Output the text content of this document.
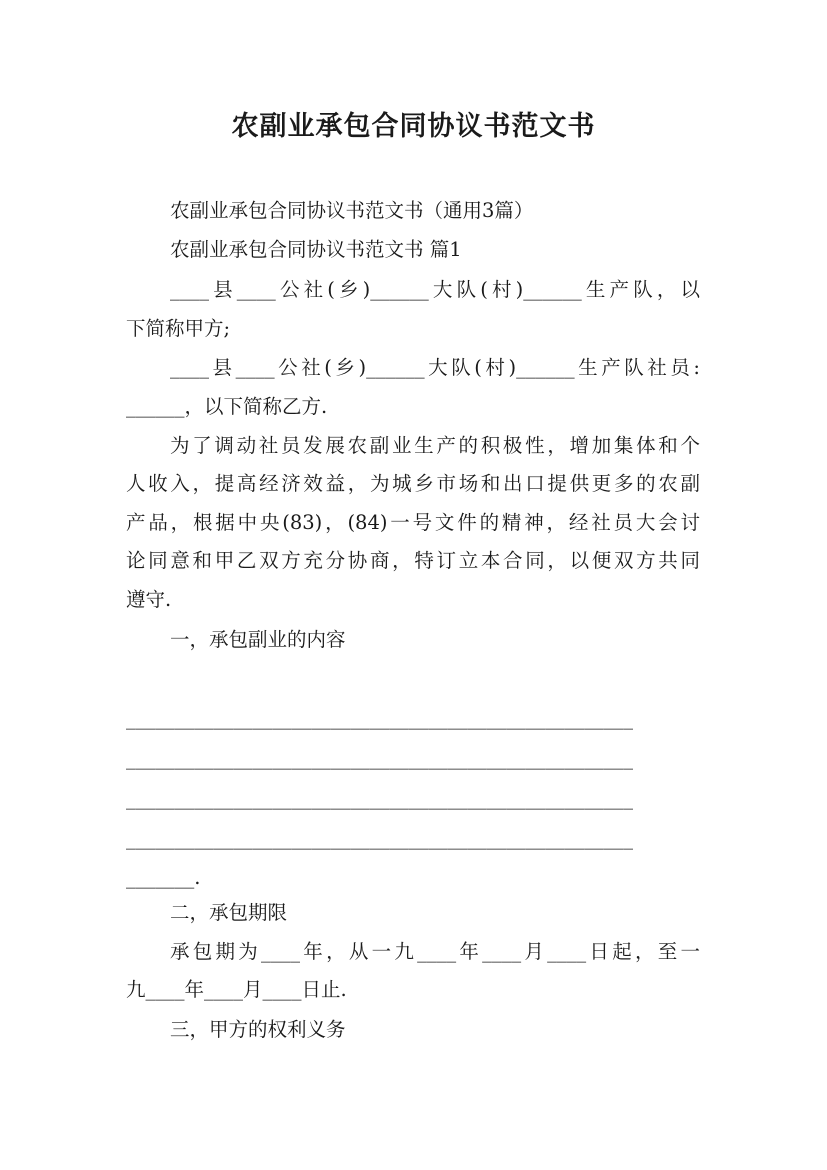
农副业承包合同协议书范文书
农副业承包合同协议书范文书（通用3篇）
农副业承包合同协议书范文书 篇1
____县____公社(乡)______大队(村)______生产队，以
下简称甲方;
____县____公社(乡)______大队(村)______生产队社员:
______，以下简称乙方.
为了调动社员发展农副业生产的积极性，增加集体和个
人收入，提高经济效益，为城乡市场和出口提供更多的农副
产品，根据中央(83)，(84)一号文件的精神，经社员大会讨
论同意和甲乙双方充分协商，特订立本合同，以便双方共同
遵守.
一，承包副业的内容
____________________________________________________
____________________________________________________
____________________________________________________
____________________________________________________
_______.
二，承包期限
承包期为____年，从一九____年____月____日起，至一
九____年____月____日止.
三，甲方的权利义务
